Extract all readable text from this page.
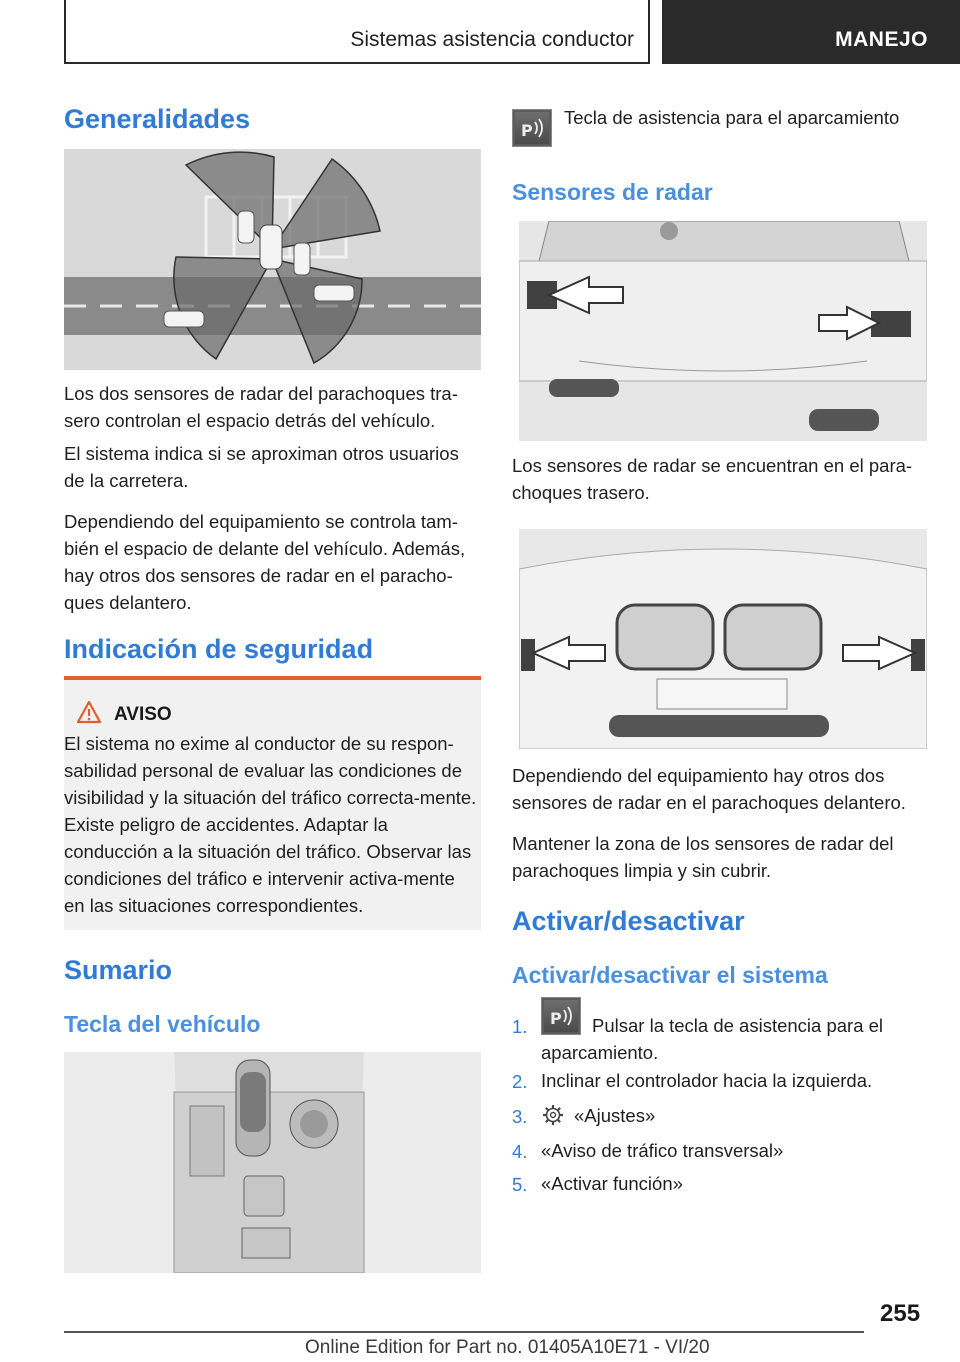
Sistemas asistencia conductor	MANEJO
Generalidades
Los dos sensores de radar del parachoques tra-sero controlan el espacio detrás del vehículo.
El sistema indica si se aproximan otros usuarios de la carretera.
Dependiendo del equipamiento se controla tam-bién el espacio de delante del vehículo. Además, hay otros dos sensores de radar en el paracho-ques delantero.
Indicación de seguridad
AVISO
El sistema no exime al conductor de su respon-sabilidad personal de evaluar las condiciones de visibilidad y la situación del tráfico correcta-mente. Existe peligro de accidentes. Adaptar la conducción a la situación del tráfico. Observar las condiciones del tráfico e intervenir activa-mente en las situaciones correspondientes.
Sumario
Tecla del vehículo
P
Tecla de asistencia para el aparcamiento
Sensores de radar
Los sensores de radar se encuentran en el para-choques trasero.
Dependiendo del equipamiento hay otros dos sensores de radar en el parachoques delantero.
Mantener la zona de los sensores de radar del parachoques limpia y sin cubrir.
Activar/desactivar
Activar/desactivar el sistema
1. P Pulsar la tecla de asistencia para el
aparcamiento.
2. Inclinar el controlador hacia la izquierda.
3.	«Ajustes»
4. «Aviso de tráfico transversal»
5. «Activar función»
255
Online Edition for Part no. 01405A10E71 - VI/20
